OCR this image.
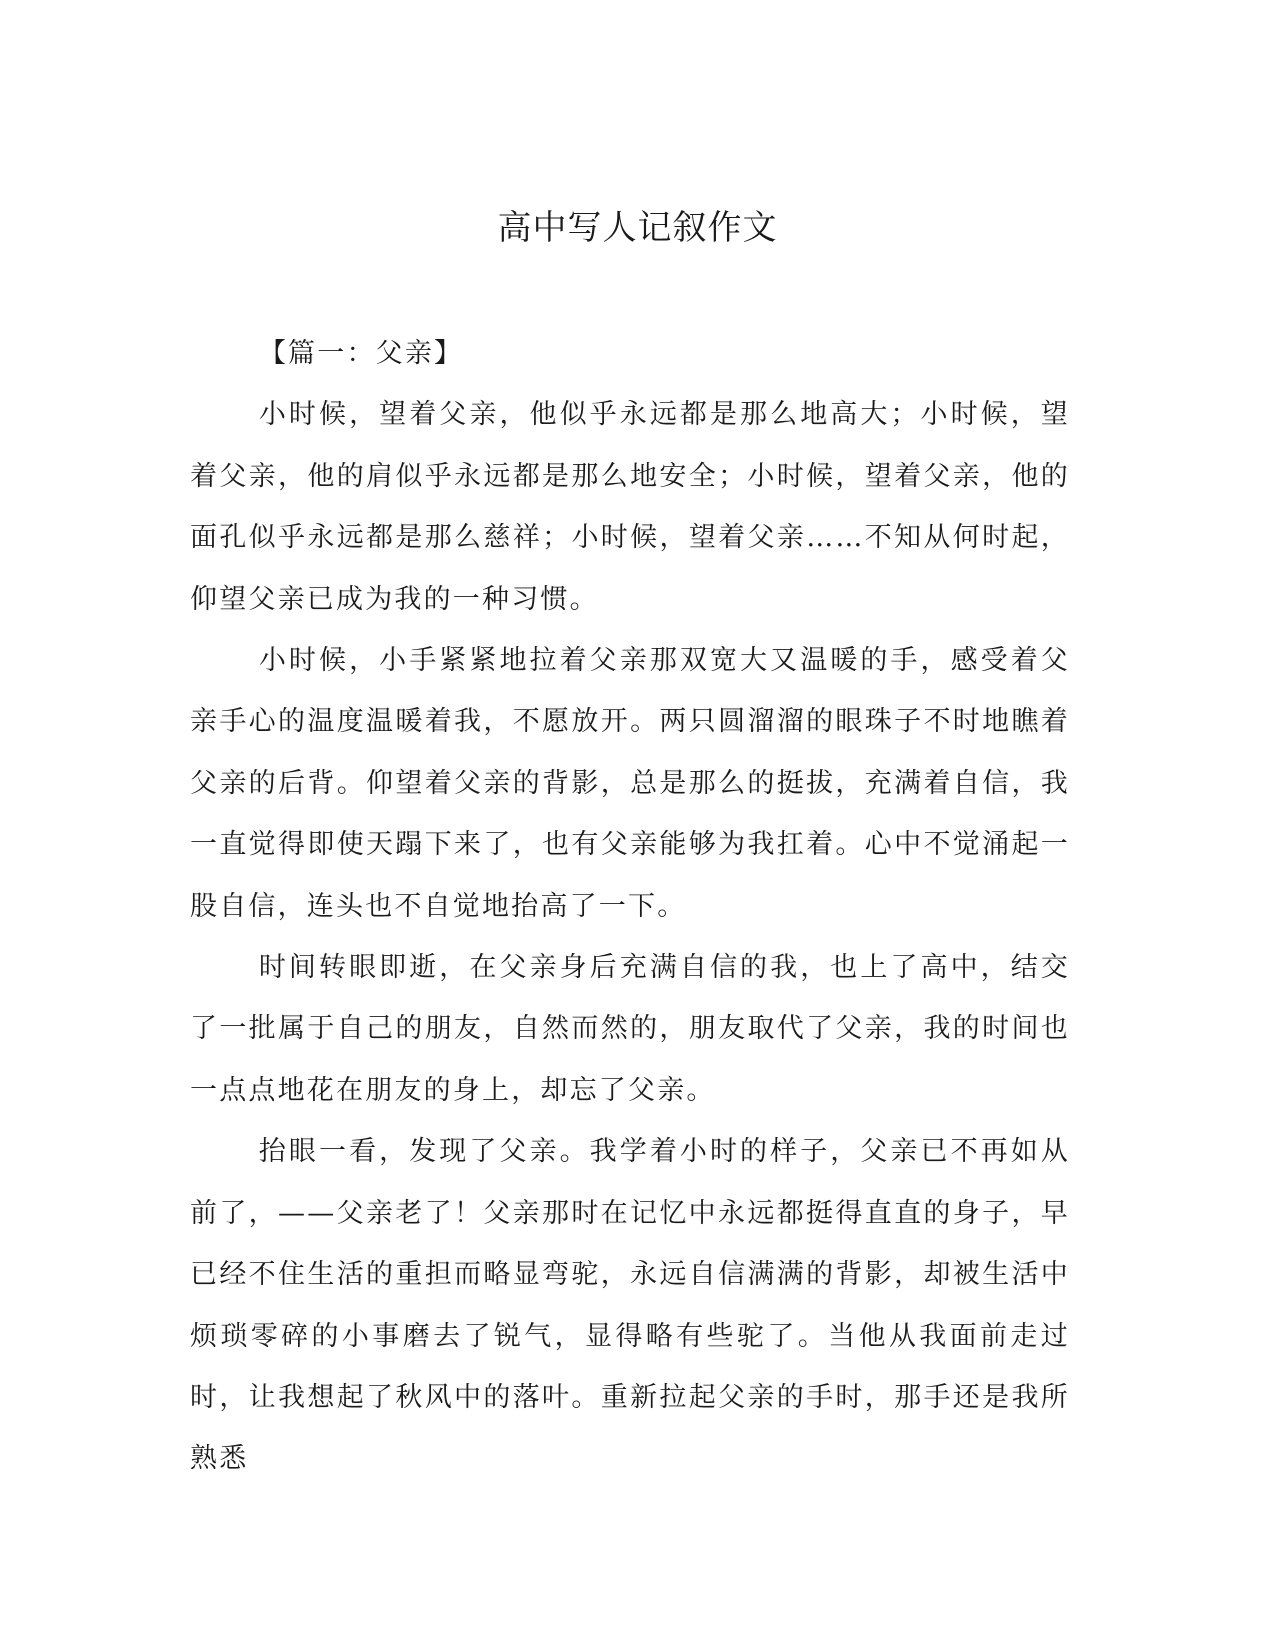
高中写人记叙作文

【篇一：父亲】

小时候，望着父亲，他似乎永远都是那么地高大；小时候，望着父亲，他的肩似乎永远都是那么地安全；小时候，望着父亲，他的面孔似乎永远都是那么慈祥；小时候，望着父亲……不知从何时起，仰望父亲已成为我的一种习惯。

小时候，小手紧紧地拉着父亲那双宽大又温暖的手，感受着父亲手心的温度温暖着我，不愿放开。两只圆溜溜的眼珠子不时地瞧着父亲的后背。仰望着父亲的背影，总是那么的挺拔，充满着自信，我一直觉得即使天蹋下来了，也有父亲能够为我扛着。心中不觉涌起一股自信，连头也不自觉地抬高了一下。

时间转眼即逝，在父亲身后充满自信的我，也上了高中，结交了一批属于自己的朋友，自然而然的，朋友取代了父亲，我的时间也一点点地花在朋友的身上，却忘了父亲。

抬眼一看，发现了父亲。我学着小时的样子，父亲已不再如从前了，——父亲老了！父亲那时在记忆中永远都挺得直直的身子，早已经不住生活的重担而略显弯驼，永远自信满满的背影，却被生活中烦琐零碎的小事磨去了锐气，显得略有些驼了。当他从我面前走过时，让我想起了秋风中的落叶。重新拉起父亲的手时，那手还是我所熟悉
